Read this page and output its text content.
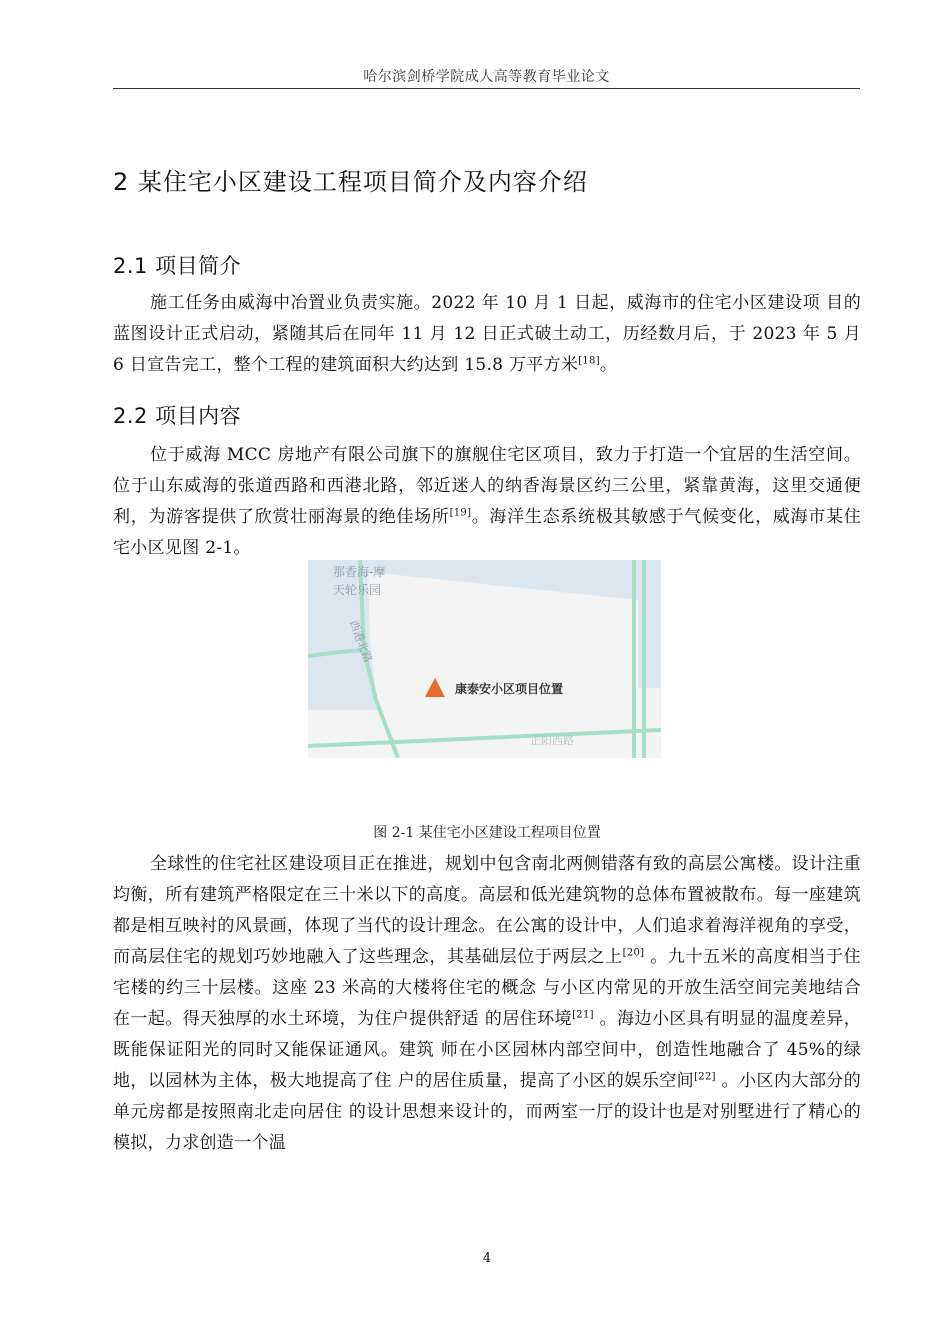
哈尔滨剑桥学院成人高等教育毕业论文
2 某住宅小区建设工程项目简介及内容介绍
2.1 项目简介

施工任务由威海中冶置业负责实施。2022 年 10 月 1 日起，威海市的住宅小区建设项 目的蓝图设计正式启动，紧随其后在同年 11 月 12 日正式破土动工，历经数月后，于 2023 年 5 月 6 日宣告完工，整个工程的建筑面积大约达到 15.8 万平方米[18]。

2.2 项目内容

位于威海 MCC 房地产有限公司旗下的旗舰住宅区项目，致力于打造一个宜居的生活空间。位于山东威海的张道西路和西港北路，邻近迷人的纳香海景区约三公里，紧靠黄海，这里交通便利，为游客提供了欣赏壮丽海景的绝佳场所[19]。海洋生态系统极其敏感于气候变化，威海市某住宅小区见图 2-1。

那香海-摩
天轮乐园
西港北路
正阳西路
康泰安小区项目位置
图 2-1 某住宅小区建设工程项目位置

全球性的住宅社区建设项目正在推进，规划中包含南北两侧错落有致的高层公寓楼。设计注重均衡，所有建筑严格限定在三十米以下的高度。高层和低光建筑物的总体布置被散布。每一座建筑都是相互映衬的风景画，体现了当代的设计理念。在公寓的设计中，人们追求着海洋视角的享受，而高层住宅的规划巧妙地融入了这些理念，其基础层位于两层之上[20] 。九十五米的高度相当于住宅楼的约三十层楼。这座 23 米高的大楼将住宅的概念 与小区内常见的开放生活空间完美地结合在一起。得天独厚的水土环境，为住户提供舒适 的居住环境[21] 。海边小区具有明显的温度差异，既能保证阳光的同时又能保证通风。建筑 师在小区园林内部空间中，创造性地融合了 45%的绿地，以园林为主体，极大地提高了住 户的居住质量，提高了小区的娱乐空间[22] 。小区内大部分的单元房都是按照南北走向居住 的设计思想来设计的，而两室一厅的设计也是对别墅进行了精心的模拟，力求创造一个温

4
